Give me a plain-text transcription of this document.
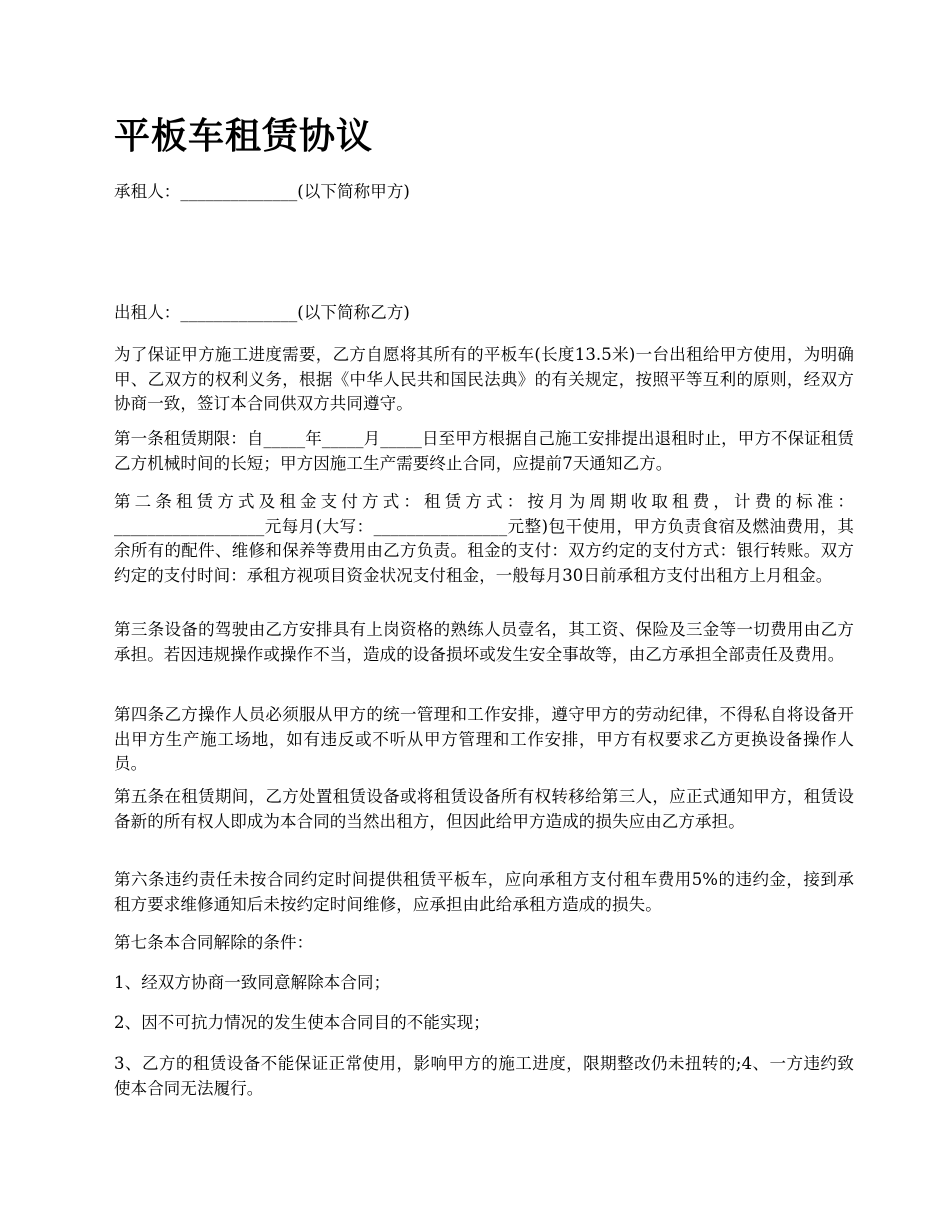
平板车租赁协议

承租人：______________(以下简称甲方)

出租人：______________(以下简称乙方)

为了保证甲方施工进度需要，乙方自愿将其所有的平板车(长度13.5米)一台出租给甲方使用，为明确甲、乙双方的权利义务，根据《中华人民共和国民法典》的有关规定，按照平等互利的原则，经双方协商一致，签订本合同供双方共同遵守。

第一条租赁期限：自_____年_____月_____日至甲方根据自己施工安排提出退租时止，甲方不保证租赁乙方机械时间的长短；甲方因施工生产需要终止合同，应提前7天通知乙方。

第二条租赁方式及租金支付方式：租赁方式：按月为周期收取租费，计费的标准：__________________元每月(大写：________________元整)包干使用，甲方负责食宿及燃油费用，其余所有的配件、维修和保养等费用由乙方负责。租金的支付：双方约定的支付方式：银行转账。双方约定的支付时间：承租方视项目资金状况支付租金，一般每月30日前承租方支付出租方上月租金。

第三条设备的驾驶由乙方安排具有上岗资格的熟练人员壹名，其工资、保险及三金等一切费用由乙方承担。若因违规操作或操作不当，造成的设备损坏或发生安全事故等，由乙方承担全部责任及费用。

第四条乙方操作人员必须服从甲方的统一管理和工作安排，遵守甲方的劳动纪律，不得私自将设备开出甲方生产施工场地，如有违反或不听从甲方管理和工作安排，甲方有权要求乙方更换设备操作人员。

第五条在租赁期间，乙方处置租赁设备或将租赁设备所有权转移给第三人，应正式通知甲方，租赁设备新的所有权人即成为本合同的当然出租方，但因此给甲方造成的损失应由乙方承担。

第六条违约责任未按合同约定时间提供租赁平板车，应向承租方支付租车费用5%的违约金，接到承租方要求维修通知后未按约定时间维修，应承担由此给承租方造成的损失。

第七条本合同解除的条件：

1、经双方协商一致同意解除本合同；

2、因不可抗力情况的发生使本合同目的不能实现；

3、乙方的租赁设备不能保证正常使用，影响甲方的施工进度，限期整改仍未扭转的;4、一方违约致使本合同无法履行。
